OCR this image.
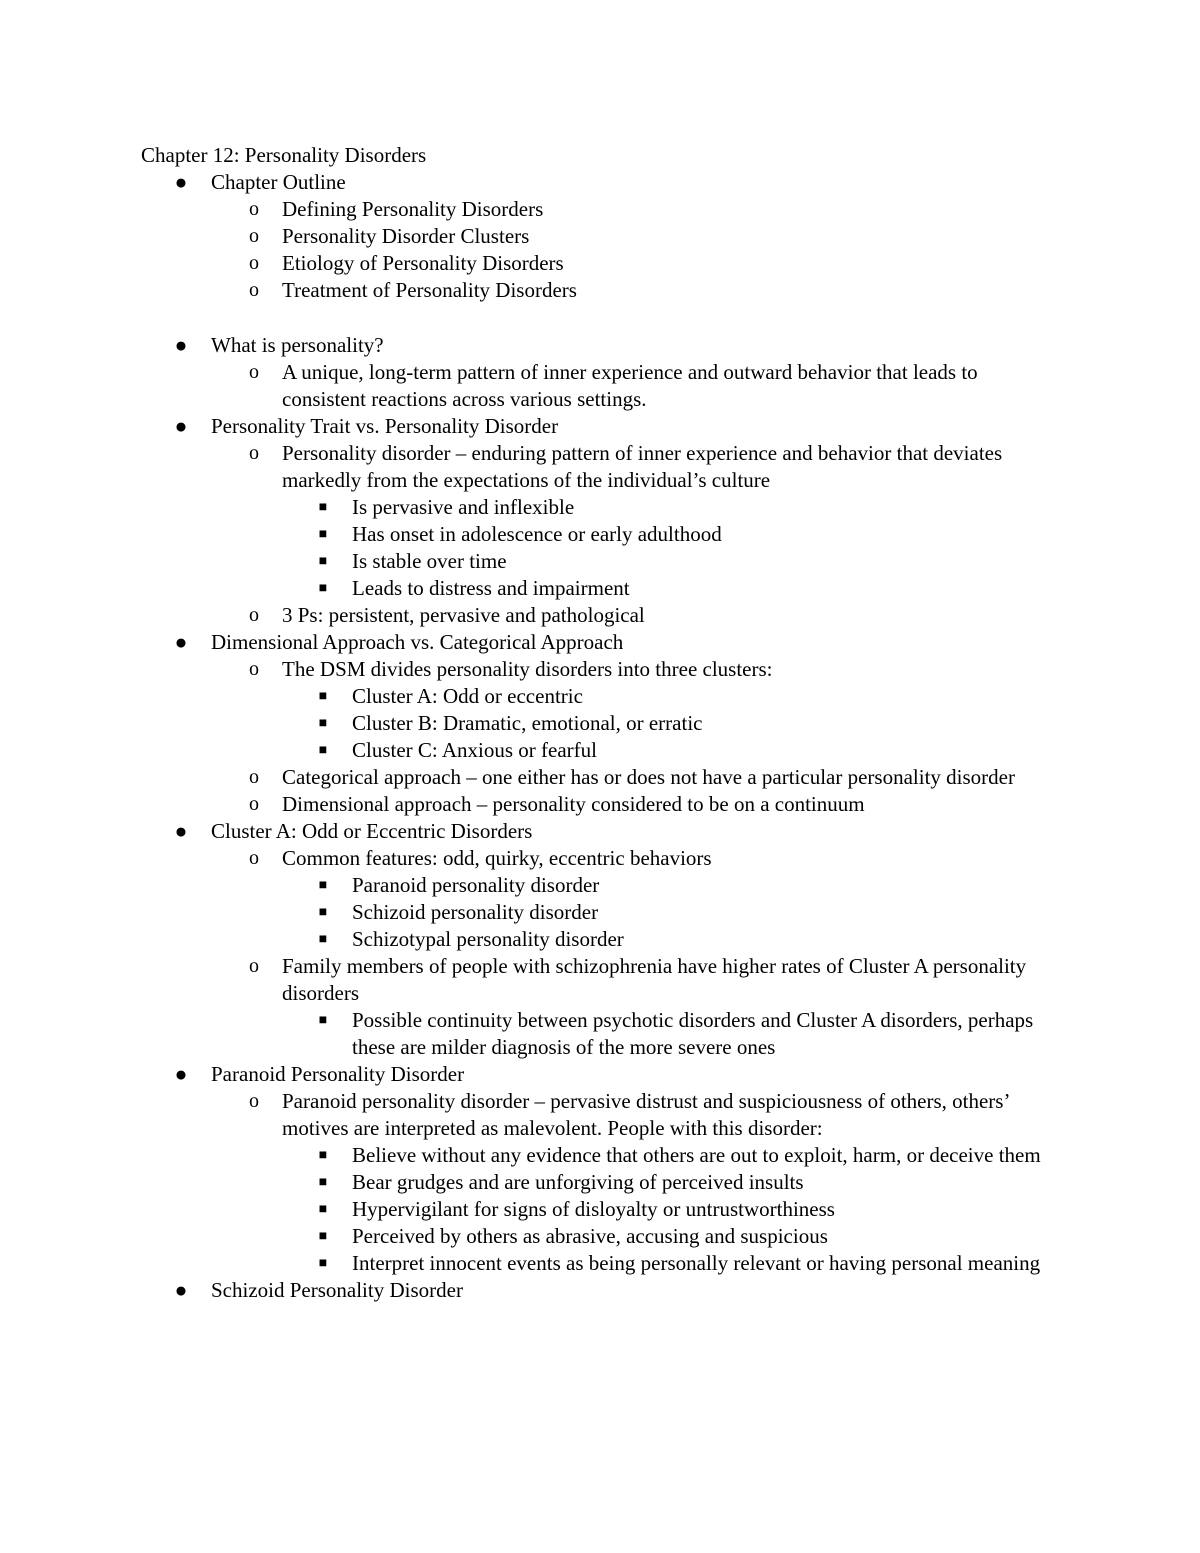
Chapter 12: Personality Disorders

● Chapter Outline
o Defining Personality Disorders
o Personality Disorder Clusters
o Etiology of Personality Disorders
o Treatment of Personality Disorders
● What is personality?
o A unique, long-term pattern of inner experience and outward behavior that leads to consistent reactions across various settings.
● Personality Trait vs. Personality Disorder
o Personality disorder – enduring pattern of inner experience and behavior that deviates markedly from the expectations of the individual’s culture
■ Is pervasive and inflexible
■ Has onset in adolescence or early adulthood
■ Is stable over time
■ Leads to distress and impairment
o 3 Ps: persistent, pervasive and pathological
● Dimensional Approach vs. Categorical Approach
o The DSM divides personality disorders into three clusters:
■ Cluster A: Odd or eccentric
■ Cluster B: Dramatic, emotional, or erratic
■ Cluster C: Anxious or fearful
o Categorical approach – one either has or does not have a particular personality disorder
o Dimensional approach – personality considered to be on a continuum
● Cluster A: Odd or Eccentric Disorders
o Common features: odd, quirky, eccentric behaviors
■ Paranoid personality disorder
■ Schizoid personality disorder
■ Schizotypal personality disorder
o Family members of people with schizophrenia have higher rates of Cluster A personality disorders
■ Possible continuity between psychotic disorders and Cluster A disorders, perhaps these are milder diagnosis of the more severe ones
● Paranoid Personality Disorder
o Paranoid personality disorder – pervasive distrust and suspiciousness of others, others’ motives are interpreted as malevolent. People with this disorder:
■ Believe without any evidence that others are out to exploit, harm, or deceive them
■ Bear grudges and are unforgiving of perceived insults
■ Hypervigilant for signs of disloyalty or untrustworthiness
■ Perceived by others as abrasive, accusing and suspicious
■ Interpret innocent events as being personally relevant or having personal meaning
● Schizoid Personality Disorder
